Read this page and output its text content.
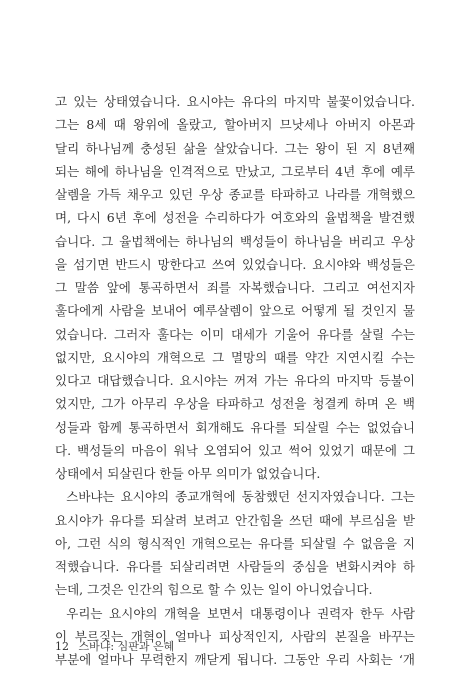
고 있는 상태였습니다. 요시야는 유다의 마지막 불꽃이었습니다.
그는 8세 때 왕위에 올랐고, 할아버지 므낫세나 아버지 아몬과
달리 하나님께 충성된 삶을 살았습니다. 그는 왕이 된 지 8년째
되는 해에 하나님을 인격적으로 만났고, 그로부터 4년 후에 예루
살렘을 가득 채우고 있던 우상 종교를 타파하고 나라를 개혁했으
며, 다시 6년 후에 성전을 수리하다가 여호와의 율법책을 발견했
습니다. 그 율법책에는 하나님의 백성들이 하나님을 버리고 우상
을 섬기면 반드시 망한다고 쓰여 있었습니다. 요시야와 백성들은
그 말씀 앞에 통곡하면서 죄를 자복했습니다. 그리고 여선지자
훌다에게 사람을 보내어 예루살렘이 앞으로 어떻게 될 것인지 물
었습니다. 그러자 훌다는 이미 대세가 기울어 유다를 살릴 수는
없지만, 요시야의 개혁으로 그 멸망의 때를 약간 지연시킬 수는
있다고 대답했습니다. 요시야는 꺼져 가는 유다의 마지막 등불이
었지만, 그가 아무리 우상을 타파하고 성전을 청결케 하며 온 백
성들과 함께 통곡하면서 회개해도 유다를 되살릴 수는 없었습니
다. 백성들의 마음이 워낙 오염되어 있고 썩어 있었기 때문에 그
상태에서 되살린다 한들 아무 의미가 없었습니다.
스바냐는 요시야의 종교개혁에 동참했던 선지자였습니다. 그는
요시야가 유다를 되살려 보려고 안간힘을 쓰던 때에 부르심을 받
아, 그런 식의 형식적인 개혁으로는 유다를 되살릴 수 없음을 지
적했습니다. 유다를 되살리려면 사람들의 중심을 변화시켜야 하
는데, 그것은 인간의 힘으로 할 수 있는 일이 아니었습니다.
우리는 요시야의 개혁을 보면서 대통령이나 권력자 한두 사람
이 부르짖는 개혁이 얼마나 피상적인지, 사람의 본질을 바꾸는
부분에 얼마나 무력한지 깨닫게 됩니다. 그동안 우리 사회는 ‘개
12 스바냐: 심판과 은혜
